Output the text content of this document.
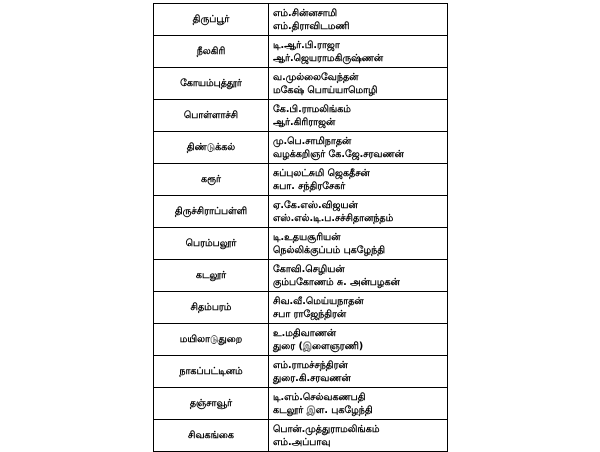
திருப்பூர்	எம்.சின்னசாமி
எம்.திராவிடமணி

நீலகிரி	டி.ஆர்.பி.ராஜா
ஆர்.ஜெயராமகிருஷ்ணன்

கோயம்புத்தூர்	வ.முல்லைவேந்தன்
மகேஷ் பொய்யாமொழி

பொள்ளாச்சி	கே.பி.ராமலிங்கம்
ஆர்.கிரிராஜன்

திண்டுக்கல்	மு.பெ.சாமிநாதன்
வழக்கறிஞர் கே.ஜே.சரவணன்

கரூர்	சுப்புலட்சுமி ஜெகதீசன்
சுபா. சந்திரசேகர்

திருச்சிராப்பள்ளி	ஏ.கே.எஸ்.விஜயன்
எஸ்.எல்.டி.ப.சச்சிதானந்தம்

பெரம்பலூர்	டி.உதயசூரியன்
நெல்லிக்குப்பம் புகழேந்தி

கடலூர்	கோவி.செழியன்
கும்பகோணம் சு. அன்பழகன்

சிதம்பரம்	சிவ.வீ.மெய்யநாதன்
சபா ராஜேந்திரன்

மயிலாடுதுறை	உ.மதிவாணன்
துரை (இளைஞரணி)

நாகப்பட்டினம்	எம்.ராமச்சந்திரன்
துரை.கி.சரவணன்

தஞ்சாவூர்	டி.எம்.செல்வகணபதி
கடலூர் இள. புகழேந்தி

சிவகங்கை	பொன்.முத்துராமலிங்கம்
எம்.அப்பாவு
